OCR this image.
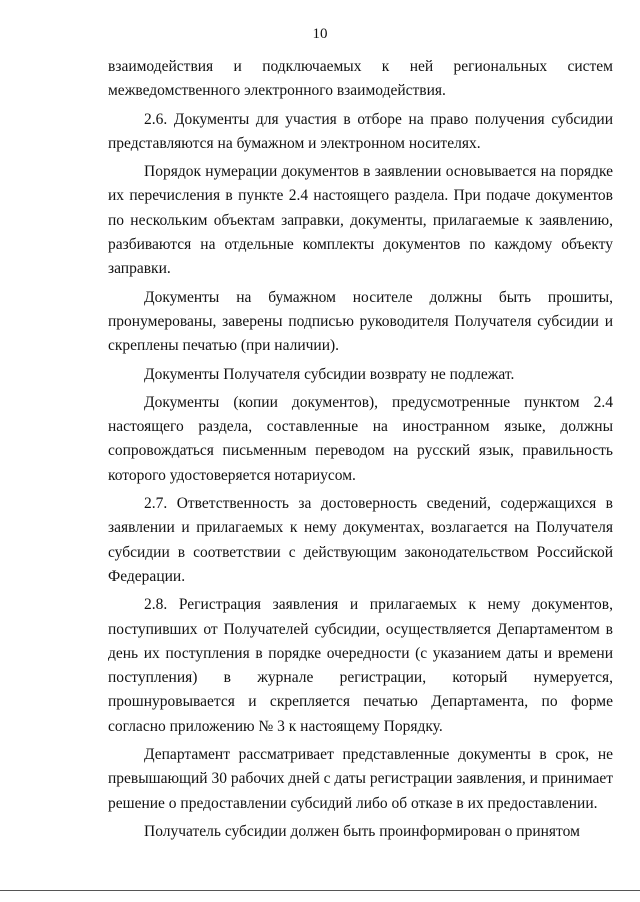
10

взаимодействия и подключаемых к ней региональных систем межведомственного электронного взаимодействия.

2.6. Документы для участия в отборе на право получения субсидии представляются на бумажном и электронном носителях.

Порядок нумерации документов в заявлении основывается на порядке их перечисления в пункте 2.4 настоящего раздела. При подаче документов по нескольким объектам заправки, документы, прилагаемые к заявлению, разбиваются на отдельные комплекты документов по каждому объекту заправки.

Документы на бумажном носителе должны быть прошиты, пронумерованы, заверены подписью руководителя Получателя субсидии и скреплены печатью (при наличии).

Документы Получателя субсидии возврату не подлежат.

Документы (копии документов), предусмотренные пунктом 2.4 настоящего раздела, составленные на иностранном языке, должны сопровождаться письменным переводом на русский язык, правильность которого удостоверяется нотариусом.

2.7. Ответственность за достоверность сведений, содержащихся в заявлении и прилагаемых к нему документах, возлагается на Получателя субсидии в соответствии с действующим законодательством Российской Федерации.

2.8. Регистрация заявления и прилагаемых к нему документов, поступивших от Получателей субсидии, осуществляется Департаментом в день их поступления в порядке очередности (с указанием даты и времени поступления) в журнале регистрации, который нумеруется, прошнуровывается и скрепляется печатью Департамента, по форме согласно приложению № 3 к настоящему Порядку.

Департамент рассматривает представленные документы в срок, не превышающий 30 рабочих дней с даты регистрации заявления, и принимает решение о предоставлении субсидий либо об отказе в их предоставлении.

Получатель субсидии должен быть проинформирован о принятом
